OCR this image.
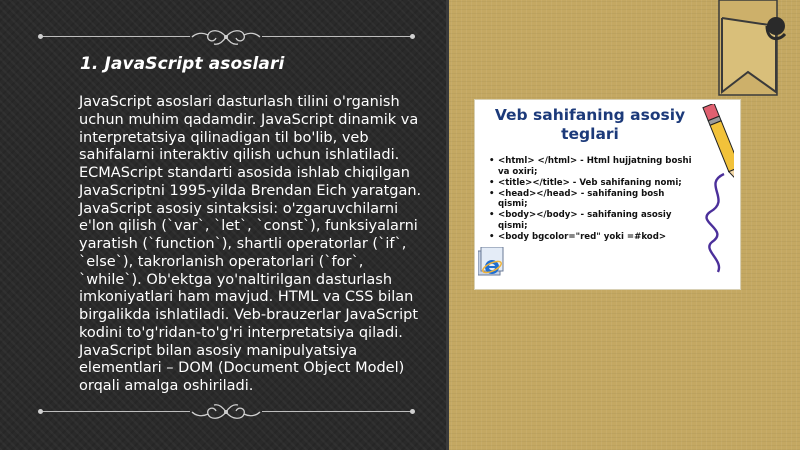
1. JavaScript asoslari
JavaScript asoslari dasturlash tilini o'rganish uchun muhim qadamdir. JavaScript dinamik va interpretatsiya qilinadigan til bo'lib, veb sahifalarni interaktiv qilish uchun ishlatiladi. ECMAScript standarti asosida ishlab chiqilgan JavaScriptni 1995-yilda Brendan Eich yaratgan. JavaScript asosiy sintaksisi: o'zgaruvchilarni e'lon qilish (`var`, `let`, `const`), funksiyalarni yaratish (`function`), shartli operatorlar (`if`, `else`), takrorlanish operatorlari (`for`, `while`). Ob'ektga yo'naltirilgan dasturlash imkoniyatlari ham mavjud. HTML va CSS bilan birgalikda ishlatiladi. Veb-brauzerlar JavaScript kodini to'g'ridan-to'g'ri interpretatsiya qiladi. JavaScript bilan asosiy manipulyatsiya elementlari – DOM (Document Object Model) orqali amalga oshiriladi.
Veb sahifaning asosiy teglari
• <html> </html> - Html hujjatning boshi va oxiri;
• <title></title> - Veb sahifaning nomi;
• <head></head> - sahifaning bosh qismi;
• <body></body> - sahifaning asosiy qismi;
• <body bgcolor="red" yoki =#kod>
